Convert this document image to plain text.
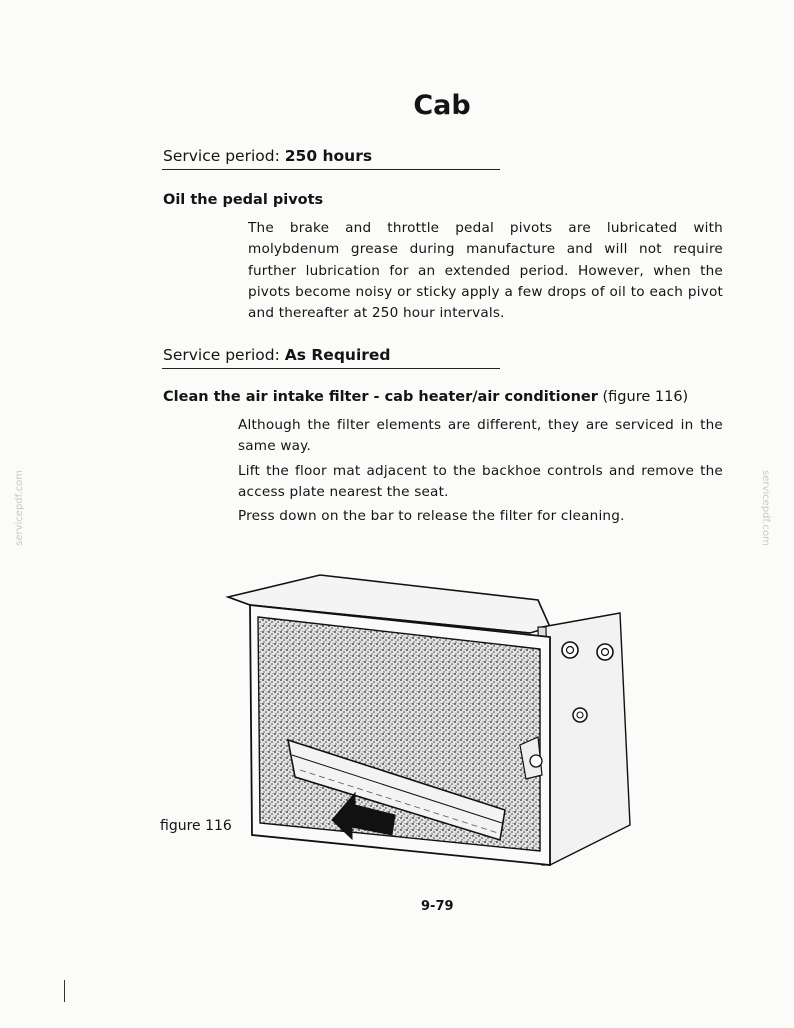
Cab
Service period: 250 hours
Oil the pedal pivots
The brake and throttle pedal pivots are lubricated with molybdenum grease during manufacture and will not require further lubrication for an extended period. However, when the pivots become noisy or sticky apply a few drops of oil to each pivot and thereafter at 250 hour intervals.
Service period: As Required
Clean the air intake filter - cab heater/air conditioner (figure 116)

Although the filter elements are different, they are serviced in the same way.

Lift the floor mat adjacent to the backhoe controls and remove the access plate nearest the seat.

Press down on the bar to release the filter for cleaning.

figure 116
9-79
servicepdf.com	servicepdf.com
